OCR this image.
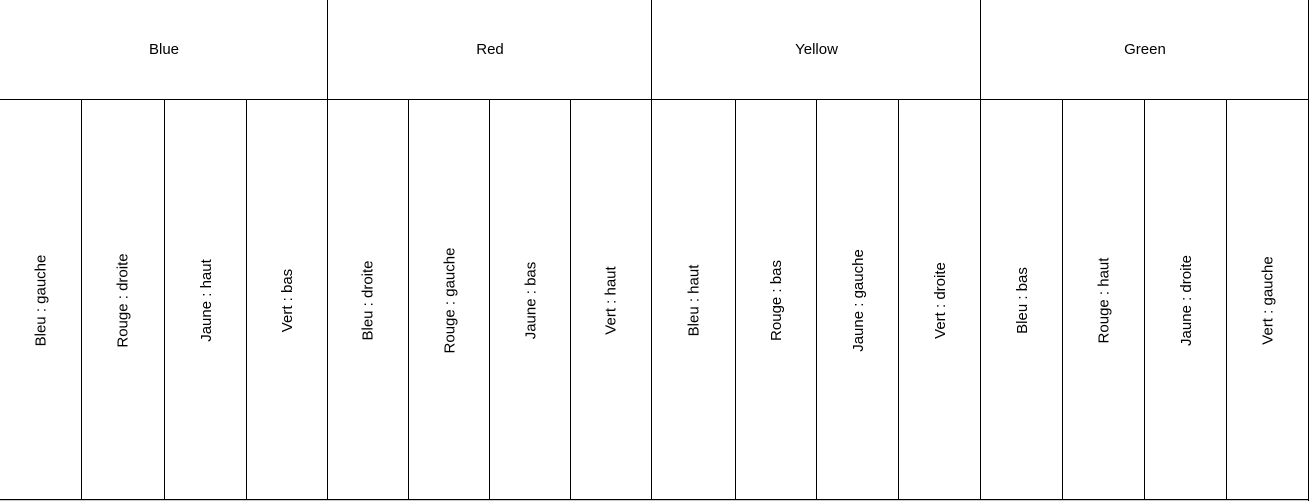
Blue	Red	Yellow	Green
Bleu : gauche	Rouge : droite	Jaune : haut	Vert : bas	Bleu : droite	Rouge : gauche	Jaune : bas	Vert : haut	Bleu : haut	Rouge : bas	Jaune : gauche	Vert : droite	Bleu : bas	Rouge : haut	Jaune : droite	Vert : gauche
